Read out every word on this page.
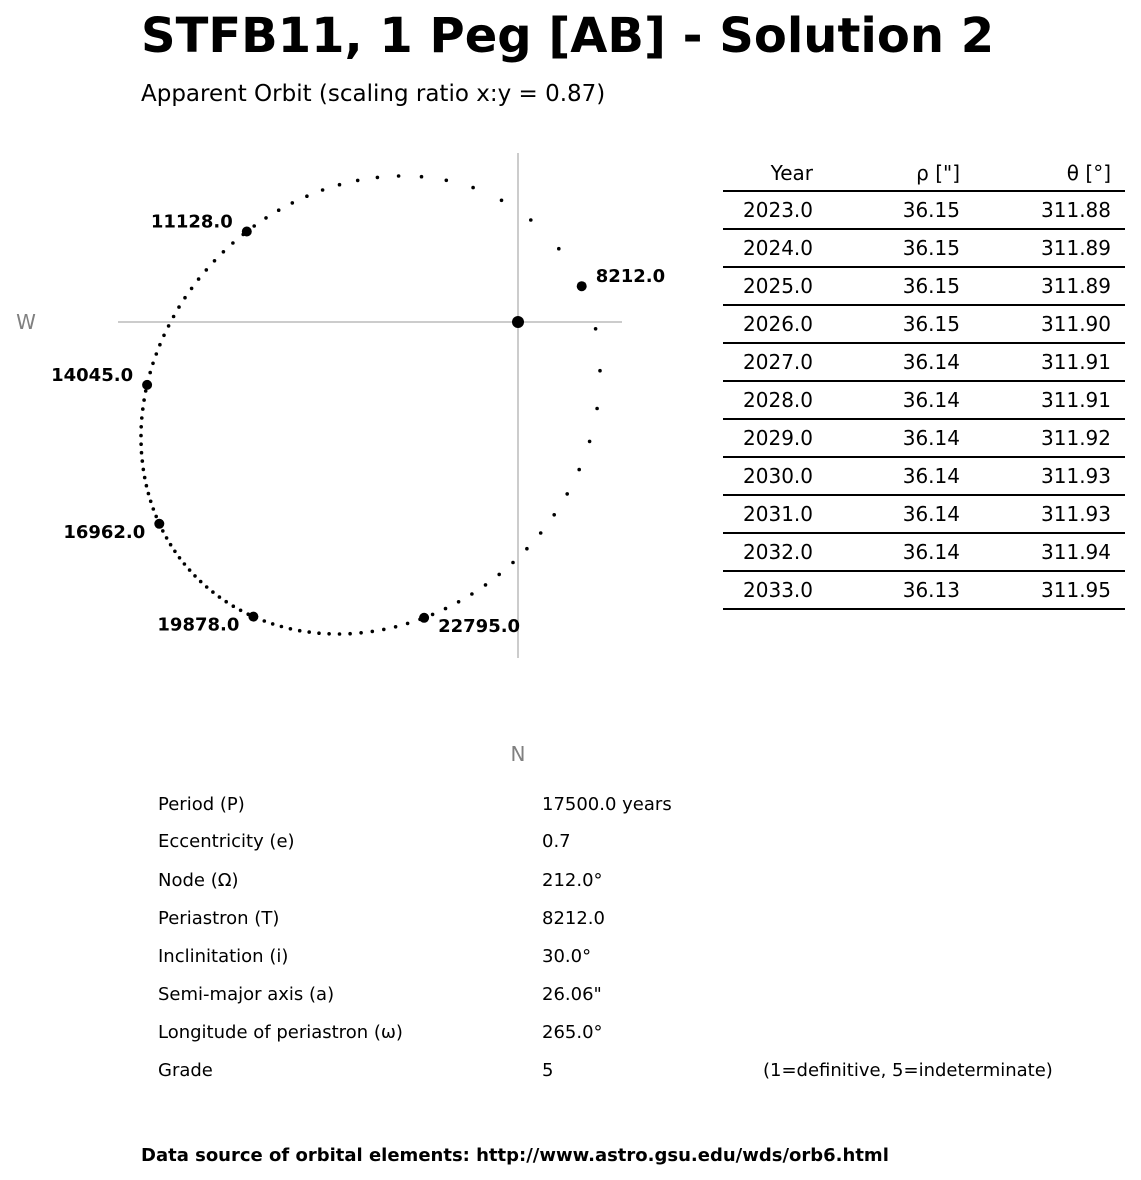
STFB11, 1 Peg [AB] - Solution 2
Apparent Orbit (scaling ratio x:y = 0.87)
W
N
8212.0
11128.0
14045.0
16962.0
19878.0	22795.0
Year	ρ ["]	θ [°]
2023.0	36.15	311.88
2024.0	36.15	311.89
2025.0	36.15	311.89
2026.0	36.15	311.90
2027.0	36.14	311.91
2028.0	36.14	311.91
2029.0	36.14	311.92
2030.0	36.14	311.93
2031.0	36.14	311.93
2032.0	36.14	311.94
2033.0	36.13	311.95
Period (P)	17500.0 years
Eccentricity (e)	0.7
Node (Ω)	212.0°
Periastron (T)	8212.0
Inclinitation (i)	30.0°
Semi-major axis (a)	26.06"
Longitude of periastron (ω)	265.0°
Grade	5	(1=definitive, 5=indeterminate)
Data source of orbital elements: http://www.astro.gsu.edu/wds/orb6.html
